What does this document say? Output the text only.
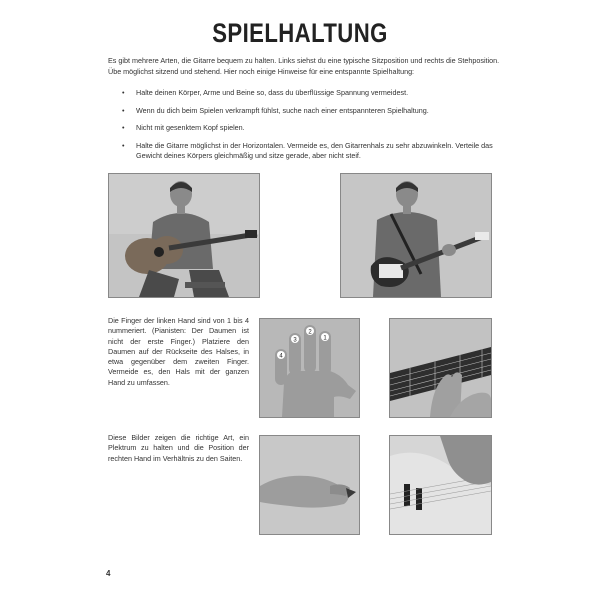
SPIELHALTUNG
Es gibt mehrere Arten, die Gitarre bequem zu halten. Links siehst du eine typische Sitzposition und rechts die Stehposition. Übe möglichst sitzend und stehend. Hier noch einige Hinweise für eine entspannte Spielhaltung:
• Halte deinen Körper, Arme und Beine so, dass du überflüssige Spannung vermeidest.
• Wenn du dich beim Spielen verkrampft fühlst, suche nach einer entspannteren Spielhaltung.
• Nicht mit gesenktem Kopf spielen.
• Halte die Gitarre möglichst in der Horizontalen. Vermeide es, den Gitarrenhals zu sehr abzuwinkeln. Verteile das Gewicht deines Körpers gleichmäßig und sitze gerade, aber nicht steif.
Die Finger der linken Hand sind von 1 bis 4 nummeriert. (Pianisten: Der Daumen ist nicht der erste Finger.) Platziere den Daumen auf der Rückseite des Halses, in etwa gegenüber dem zweiten Finger. Vermeide es, den Hals mit der ganzen Hand zu umfassen.
4
3
2
1
Diese Bilder zeigen die richtige Art, ein Plektrum zu halten und die Position der rechten Hand im Verhältnis zu den Saiten.
4
